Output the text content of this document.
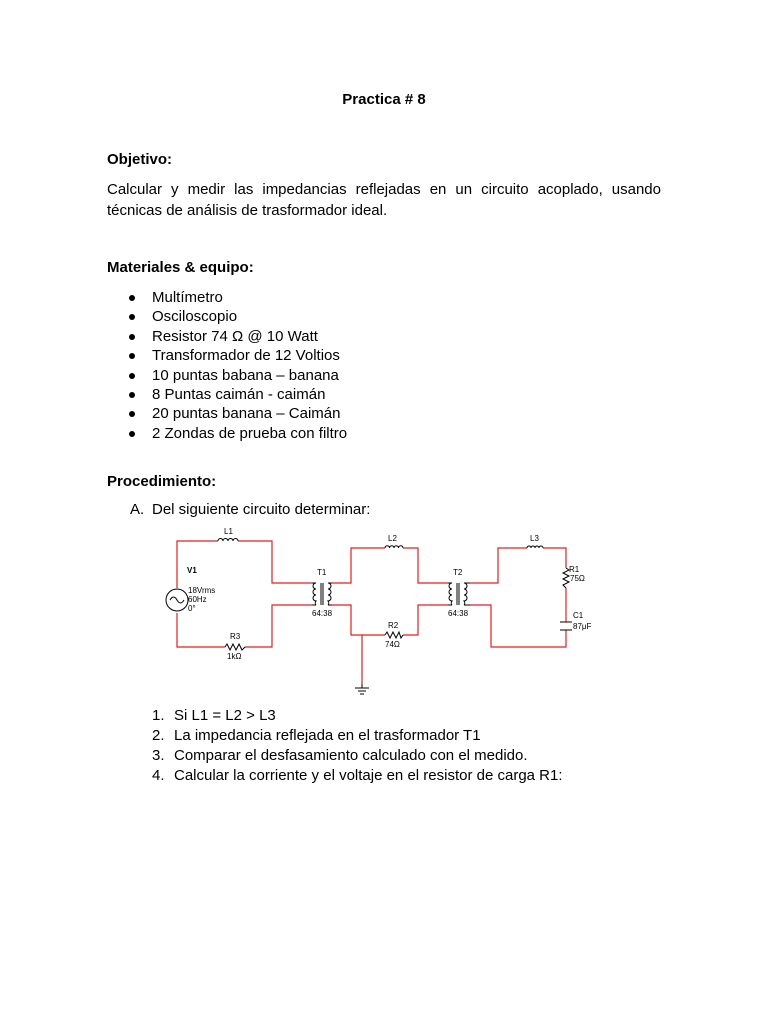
Practica # 8
Objetivo:
Calcular y medir las impedancias reflejadas en un circuito acoplado, usando técnicas de análisis de trasformador ideal.
Materiales & equipo:
Multímetro
Osciloscopio
Resistor 74 Ω @ 10 Watt
Transformador de 12 Voltios
10 puntas babana – banana
8 Puntas caimán - caimán
20 puntas banana – Caimán
2 Zondas de prueba con filtro
Procedimiento:
A. Del siguiente circuito determinar:
V1
18Vrms
60Hz
0°
L1
L2	L3
T1
64:38
T2
64:38
R1
75Ω
R2
74Ω
R3
1kΩ
C1
87μF
1. Si L1 = L2 > L3
2. La impedancia reflejada en el trasformador T1
3. Comparar el desfasamiento calculado con el medido.
4. Calcular la corriente y el voltaje en el resistor de carga R1:
